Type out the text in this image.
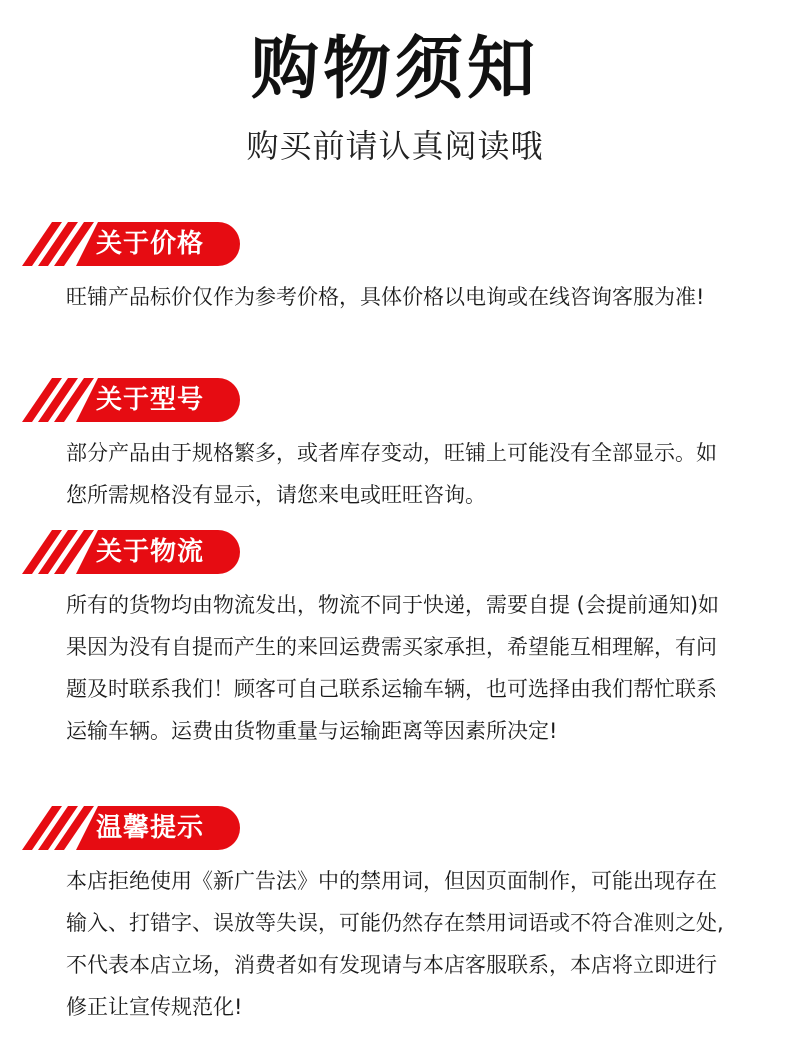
购物须知
购买前请认真阅读哦
关于价格
旺铺产品标价仅作为参考价格，具体价格以电询或在线咨询客服为准!
关于型号
部分产品由于规格繁多，或者库存变动，旺铺上可能没有全部显示。如您所需规格没有显示，请您来电或旺旺咨询。
关于物流
所有的货物均由物流发出，物流不同于快递，需要自提 (会提前通知)如果因为没有自提而产生的来回运费需买家承担，希望能互相理解，有问题及时联系我们！顾客可自己联系运输车辆，也可选择由我们帮忙联系运输车辆。运费由货物重量与运输距离等因素所决定!
温馨提示
本店拒绝使用《新广告法》中的禁用词，但因页面制作，可能出现存在输入、打错字、误放等失误，可能仍然存在禁用词语或不符合准则之处,不代表本店立场，消费者如有发现请与本店客服联系，本店将立即进行修正让宣传规范化!
